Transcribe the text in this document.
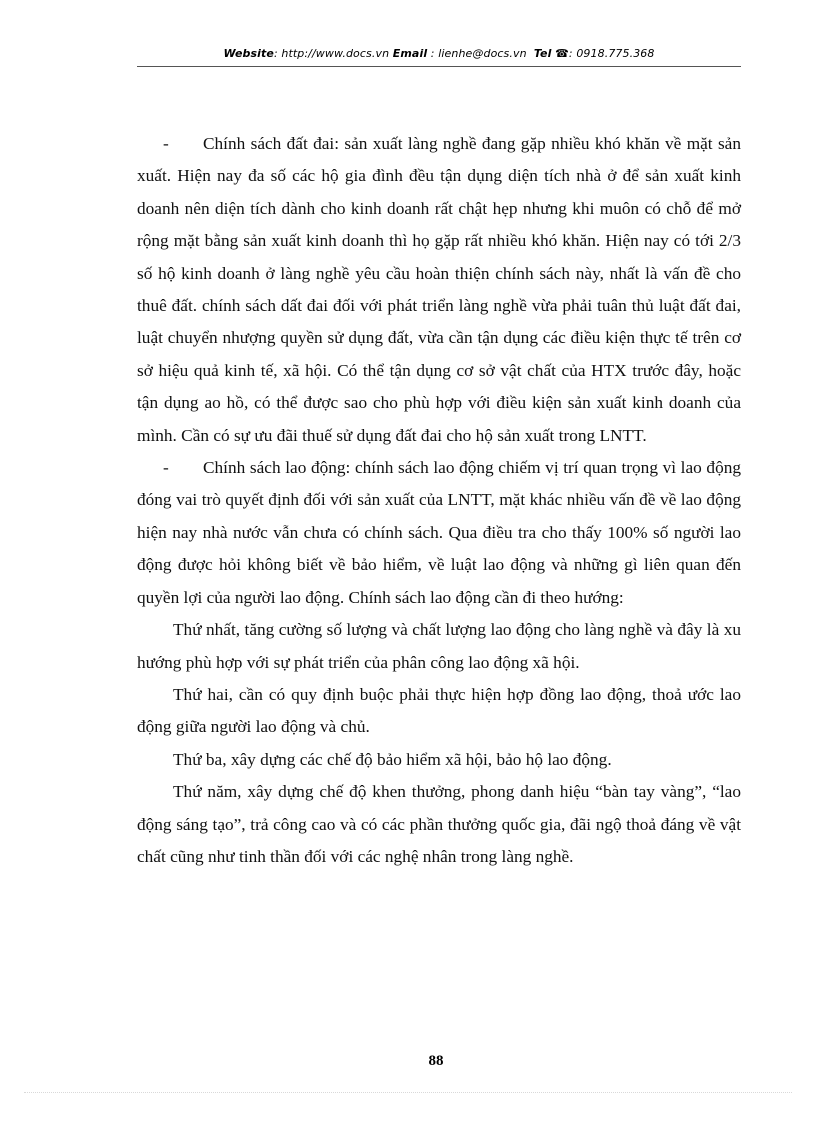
Website: http://www.docs.vn Email : lienhe@docs.vn Tel ☎: 0918.775.368

- Chính sách đất đai: sản xuất làng nghề đang gặp nhiều khó khăn về mặt sản xuất. Hiện nay đa số các hộ gia đình đều tận dụng diện tích nhà ở để sản xuất kinh doanh nên diện tích dành cho kinh doanh rất chật hẹp nhưng khi muôn có chỗ để mở rộng mặt bằng sản xuất kinh doanh thì họ gặp rất nhiều khó khăn. Hiện nay có tới 2/3 số hộ kinh doanh ở làng nghề yêu cầu hoàn thiện chính sách này, nhất là vấn đề cho thuê đất. chính sách dất đai đối với phát triển làng nghề vừa phải tuân thủ luật đất đai, luật chuyển nhượng quyền sử dụng đất, vừa cần tận dụng các điều kiện thực tế trên cơ sở hiệu quả kinh tế, xã hội. Có thể tận dụng cơ sở vật chất của HTX trước đây, hoặc tận dụng ao hồ, có thể được sao cho phù hợp với điều kiện sản xuất kinh doanh của mình. Cần có sự ưu đãi thuế sử dụng đất đai cho hộ sản xuất trong LNTT.

- Chính sách lao động: chính sách lao động chiếm vị trí quan trọng vì lao động đóng vai trò quyết định đối với sản xuất của LNTT, mặt khác nhiều vấn đề về lao động hiện nay nhà nước vẫn chưa có chính sách. Qua điều tra cho thấy 100% số người lao động được hỏi không biết về bảo hiểm, về luật lao động và những gì liên quan đến quyền lợi của người lao động. Chính sách lao động cần đi theo hướng:

Thứ nhất, tăng cường số lượng và chất lượng lao động cho làng nghề và đây là xu hướng phù hợp với sự phát triển của phân công lao động xã hội.

Thứ hai, cần có quy định buộc phải thực hiện hợp đồng lao động, thoả ước lao động giữa người lao động và chủ.

Thứ ba, xây dựng các chế độ bảo hiểm xã hội, bảo hộ lao động.

Thứ năm, xây dựng chế độ khen thưởng, phong danh hiệu “bàn tay vàng”, “lao động sáng tạo”, trả công cao và có các phần thưởng quốc gia, đãi ngộ thoả đáng về vật chất cũng như tinh thần đối với các nghệ nhân trong làng nghề.

88
